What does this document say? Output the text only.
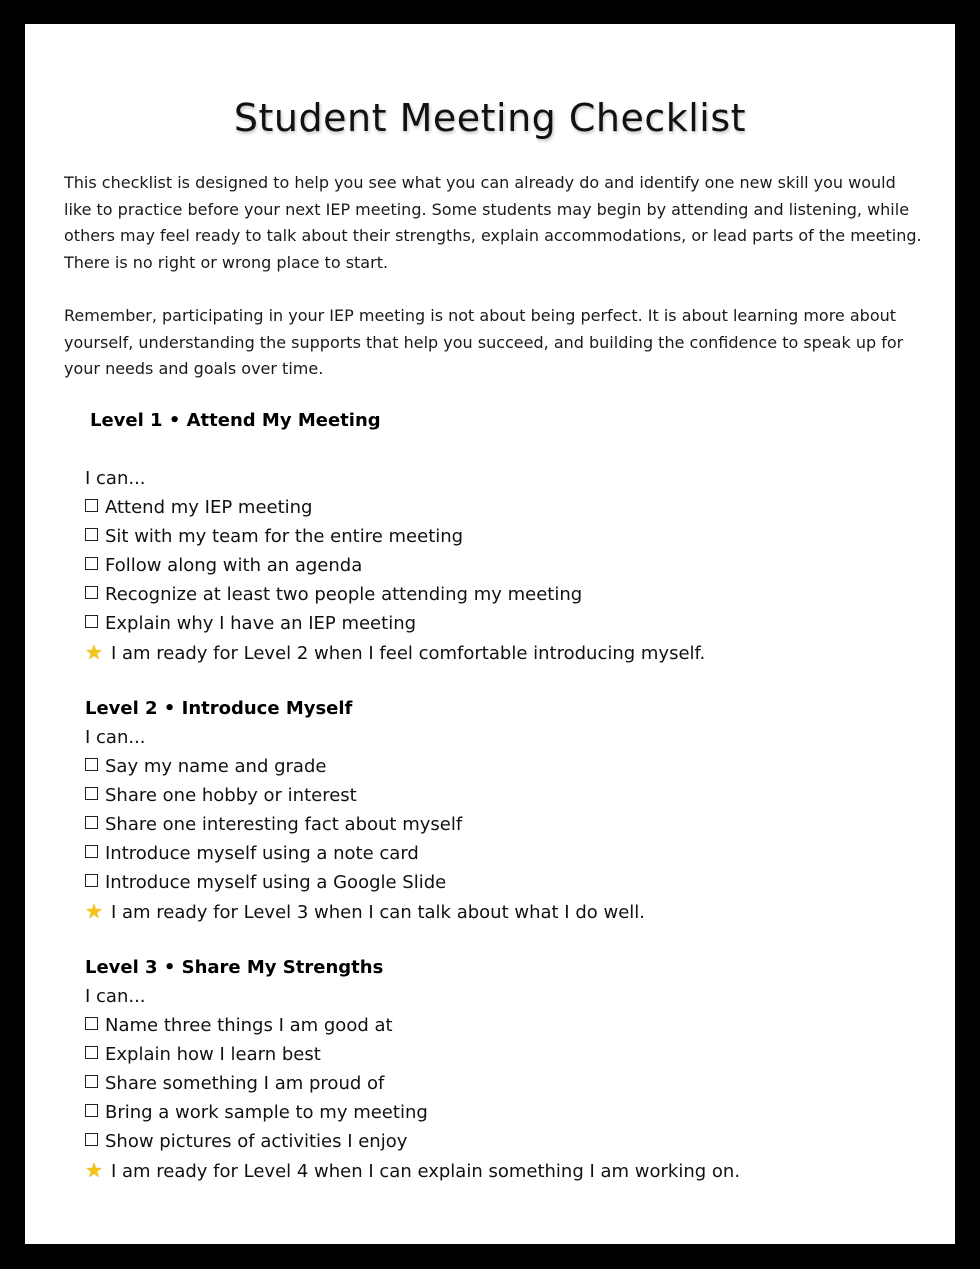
Student Meeting Checklist

This checklist is designed to help you see what you can already do and identify one new skill you would like to practice before your next IEP meeting. Some students may begin by attending and listening, while others may feel ready to talk about their strengths, explain accommodations, or lead parts of the meeting. There is no right or wrong place to start.

Remember, participating in your IEP meeting is not about being perfect. It is about learning more about yourself, understanding the supports that help you succeed, and building the confidence to speak up for your needs and goals over time.

Level 1 • Attend My Meeting
I can...
Attend my IEP meeting
Sit with my team for the entire meeting
Follow along with an agenda
Recognize at least two people attending my meeting
Explain why I have an IEP meeting
★ I am ready for Level 2 when I feel comfortable introducing myself.
Level 2 • Introduce Myself
I can...
Say my name and grade
Share one hobby or interest
Share one interesting fact about myself
Introduce myself using a note card
Introduce myself using a Google Slide
★ I am ready for Level 3 when I can talk about what I do well.
Level 3 • Share My Strengths
I can...
Name three things I am good at
Explain how I learn best
Share something I am proud of
Bring a work sample to my meeting
Show pictures of activities I enjoy
★ I am ready for Level 4 when I can explain something I am working on.
